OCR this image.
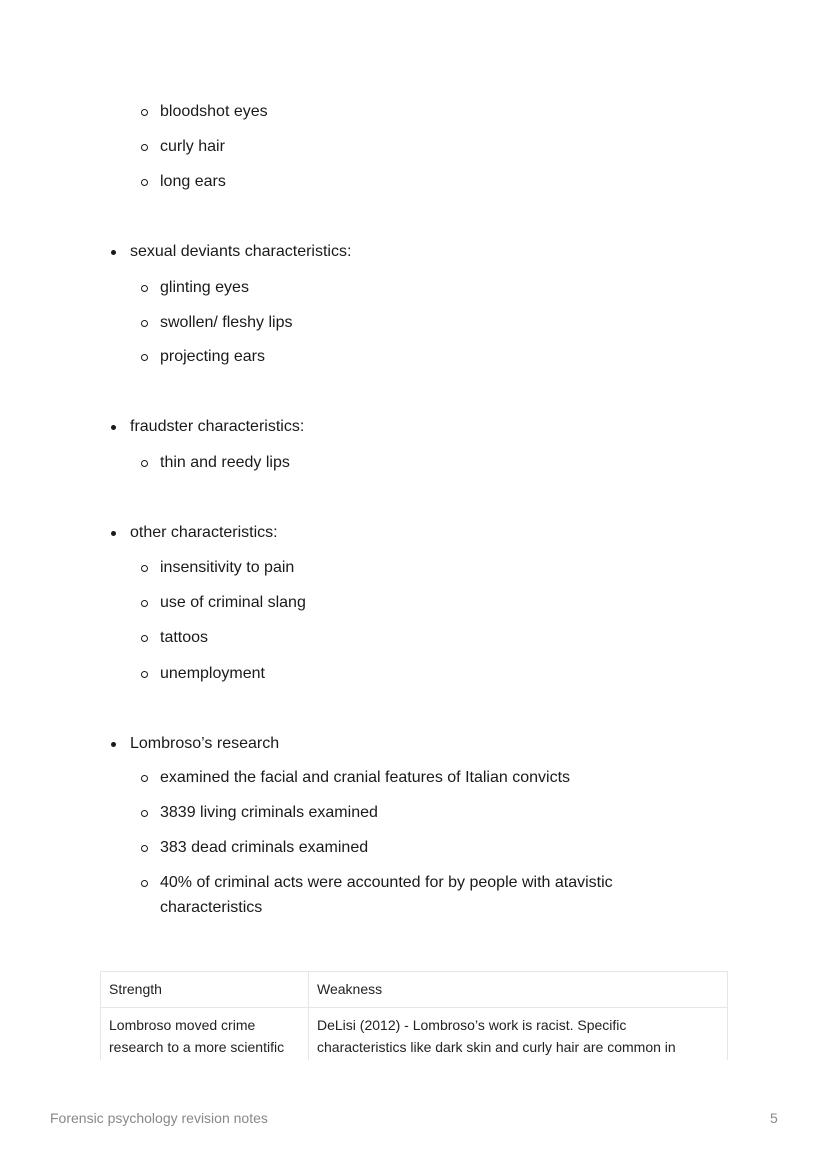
bloodshot eyes
curly hair
long ears
sexual deviants characteristics:
glinting eyes
swollen/ fleshy lips
projecting ears
fraudster characteristics:
thin and reedy lips
other characteristics:
insensitivity to pain
use of criminal slang
tattoos
unemployment
Lombroso’s research
examined the facial and cranial features of Italian convicts
3839 living criminals examined
383 dead criminals examined
40% of criminal acts were accounted for by people with atavistic characteristics
Strength	Weakness
Lombroso moved crime research to a more scientific	DeLisi (2012) - Lombroso’s work is racist. Specific characteristics like dark skin and curly hair are common in
Forensic psychology revision notes	5
